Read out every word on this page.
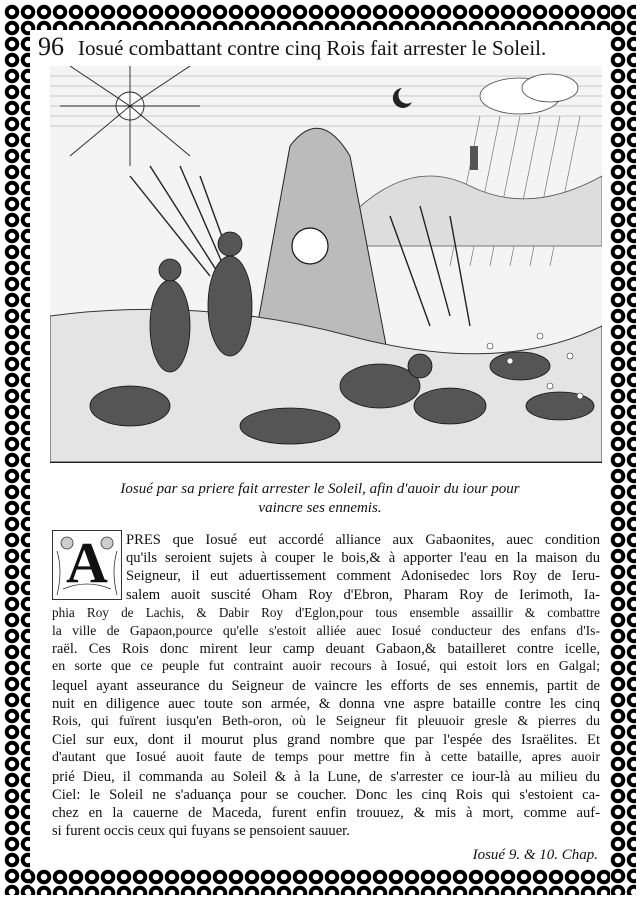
96 Iosué combattant contre cinq Rois fait arrester le Soleil.
Iosué par sa priere fait arrester le Soleil, afin d'auoir du iour pour
vaincre ses ennemis.
A	PRES que Iosué eut accordé alliance aux Gabaonites, auec condition
qu'ils seroient sujets à couper le bois,& à apporter l'eau en la maison du
Seigneur, il eut aduertissement comment Adonisedec lors Roy de Ieru-
salem auoit suscité Oham Roy d'Ebron, Pharam Roy de Ierimoth, Ia-
phia Roy de Lachis, & Dabir Roy d'Eglon,pour tous ensemble assaillir & combattre
la ville de Gapaon,pource qu'elle s'estoit alliée auec Iosué conducteur des enfans d'Is-
raël. Ces Rois donc mirent leur camp deuant Gabaon,& batailleret contre icelle,
en sorte que ce peuple fut contraint auoir recours à Iosué, qui estoit lors en Galgal;
lequel ayant asseurance du Seigneur de vaincre les efforts de ses ennemis, partit de
nuit en diligence auec toute son armée, & donna vne aspre bataille contre les cinq
Rois, qui fuïrent iusqu'en Beth-oron, où le Seigneur fit pleuuoir gresle & pierres du
Ciel sur eux, dont il mourut plus grand nombre que par l'espée des Israëlites. Et
d'autant que Iosué auoit faute de temps pour mettre fin à cette bataille, apres auoir
prié Dieu, il commanda au Soleil & à la Lune, de s'arrester ce iour-là au milieu du
Ciel: le Soleil ne s'aduança pour se coucher. Donc les cinq Rois qui s'estoient ca-
chez en la cauerne de Maceda, furent enfin trouuez, & mis à mort, comme auf-
si furent occis ceux qui fuyans se pensoient sauuer.
Iosué 9. & 10. Chap.
